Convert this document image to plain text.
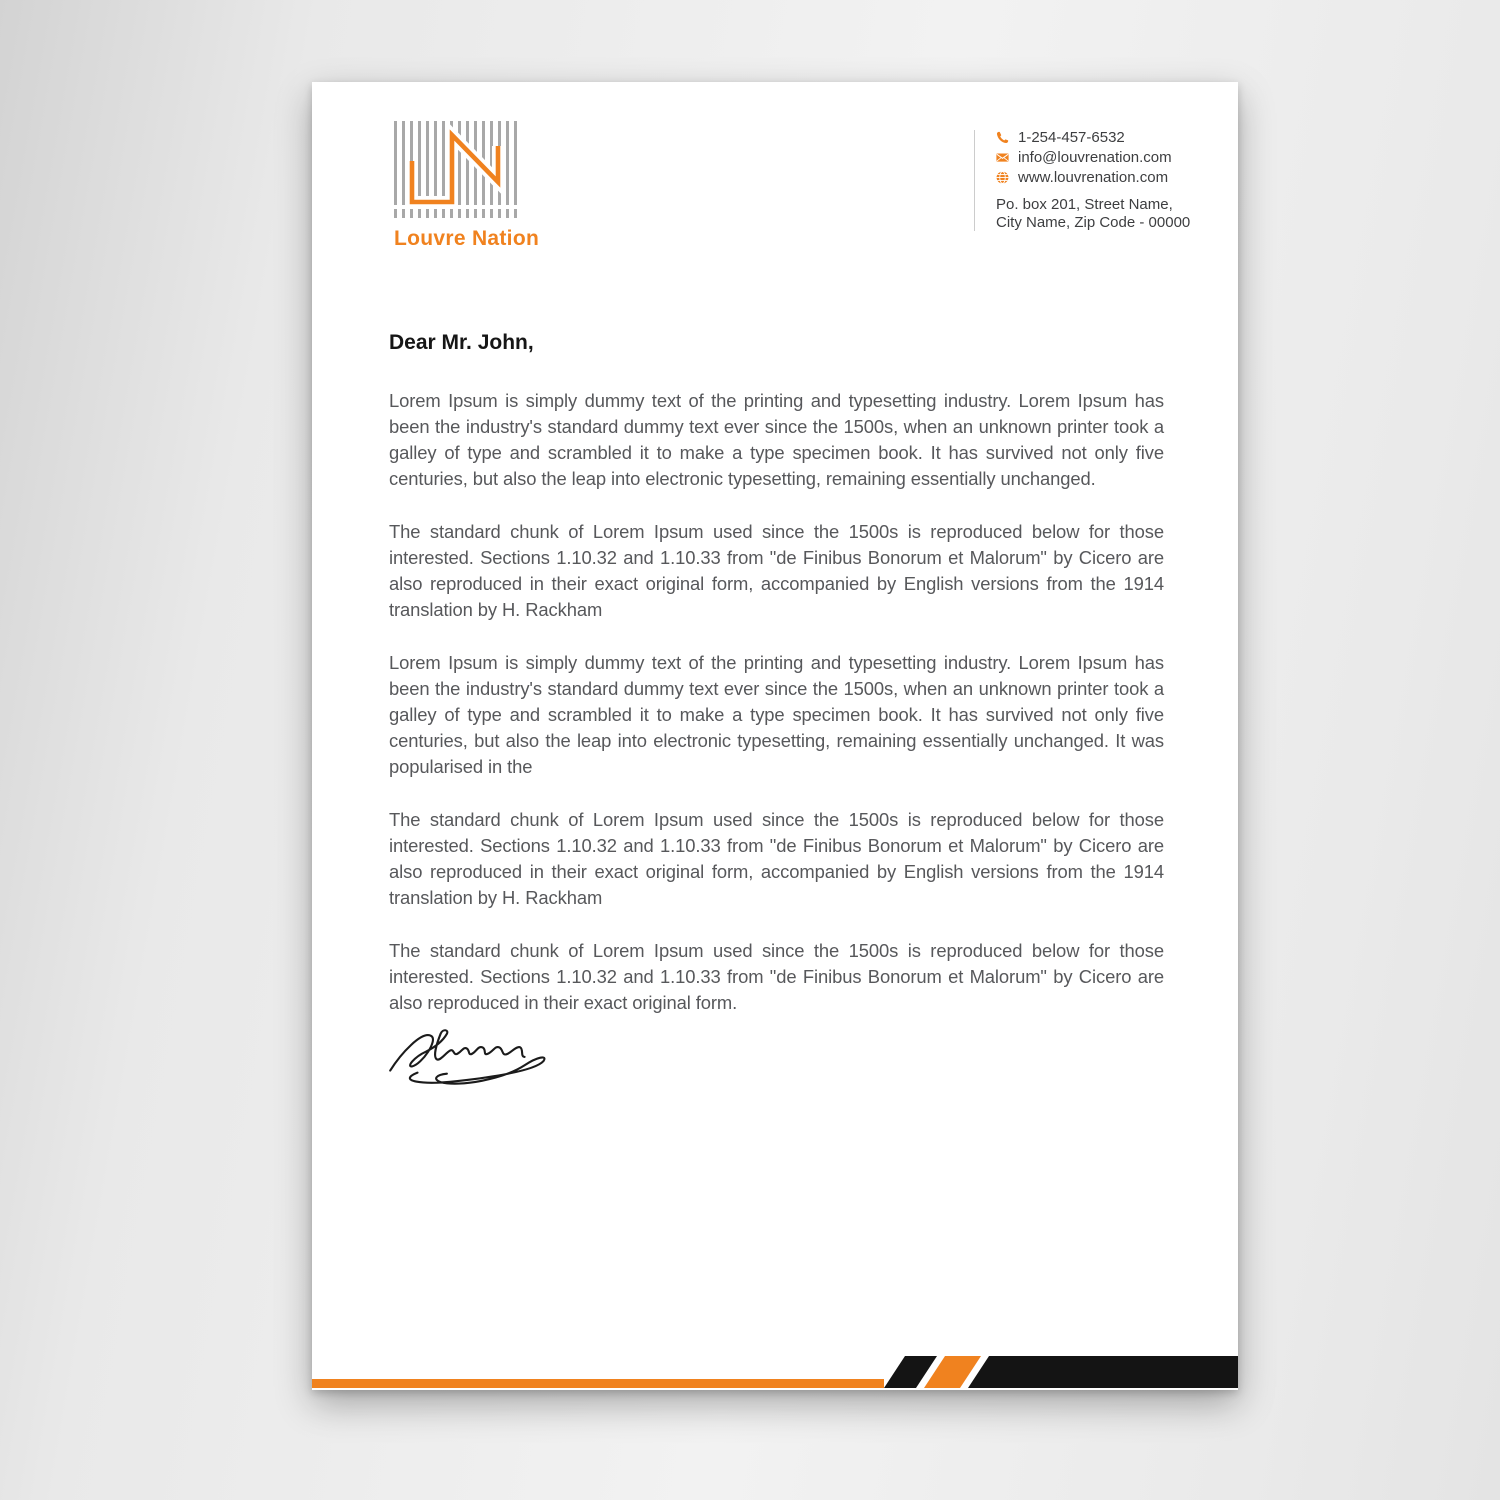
Louvre Nation
1-254-457-6532
info@louvrenation.com
www.louvrenation.com
Po. box 201, Street Name,
City Name, Zip Code - 00000
Dear Mr. John,

Lorem Ipsum is simply dummy text of the printing and typesetting industry. Lorem Ipsum has been the industry's standard dummy text ever since the 1500s, when an unknown printer took a galley of type and scrambled it to make a type specimen book. It has survived not only five centuries, but also the leap into electronic typesetting, remaining essentially unchanged.

The standard chunk of Lorem Ipsum used since the 1500s is reproduced below for those interested. Sections 1.10.32 and 1.10.33 from "de Finibus Bonorum et Malorum" by Cicero are also reproduced in their exact original form, accompanied by English versions from the 1914 translation by H. Rackham

Lorem Ipsum is simply dummy text of the printing and typesetting industry. Lorem Ipsum has been the industry's standard dummy text ever since the 1500s, when an unknown printer took a galley of type and scrambled it to make a type specimen book. It has survived not only five centuries, but also the leap into electronic typesetting, remaining essentially unchanged. It was popularised in the

The standard chunk of Lorem Ipsum used since the 1500s is reproduced below for those interested. Sections 1.10.32 and 1.10.33 from "de Finibus Bonorum et Malorum" by Cicero are also reproduced in their exact original form, accompanied by English versions from the 1914 translation by H. Rackham

The standard chunk of Lorem Ipsum used since the 1500s is reproduced below for those interested. Sections 1.10.32 and 1.10.33 from "de Finibus Bonorum et Malorum" by Cicero are also reproduced in their exact original form.
